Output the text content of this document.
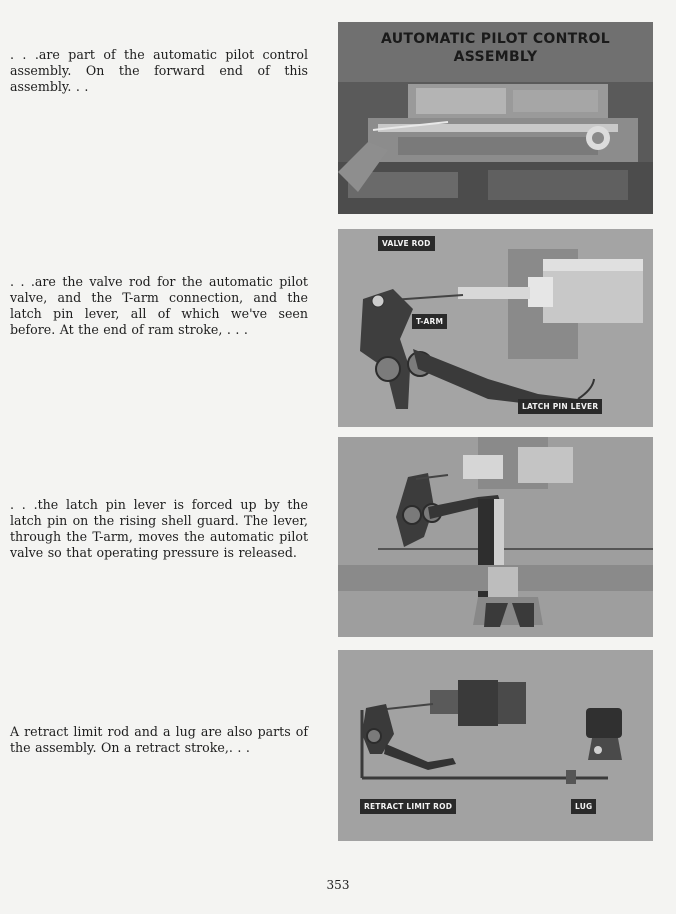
. . .are part of the automatic pilot control assembly. On the forward end of this assembly. . .

. . .are the valve rod for the automatic pilot valve, and the T-arm connection, and the latch pin lever, all of which we've seen before. At the end of ram stroke, . . .

. . .the latch pin lever is forced up by the latch pin on the rising shell guard. The lever, through the T-arm, moves the automatic pilot valve so that operating pressure is released.

A retract limit rod and a lug are also parts of the assembly. On a retract stroke,. . .

AUTOMATIC PILOT CONTROL
ASSEMBLY
VALVE ROD
T-ARM
LATCH PIN LEVER
RETRACT LIMIT ROD	LUG
353
